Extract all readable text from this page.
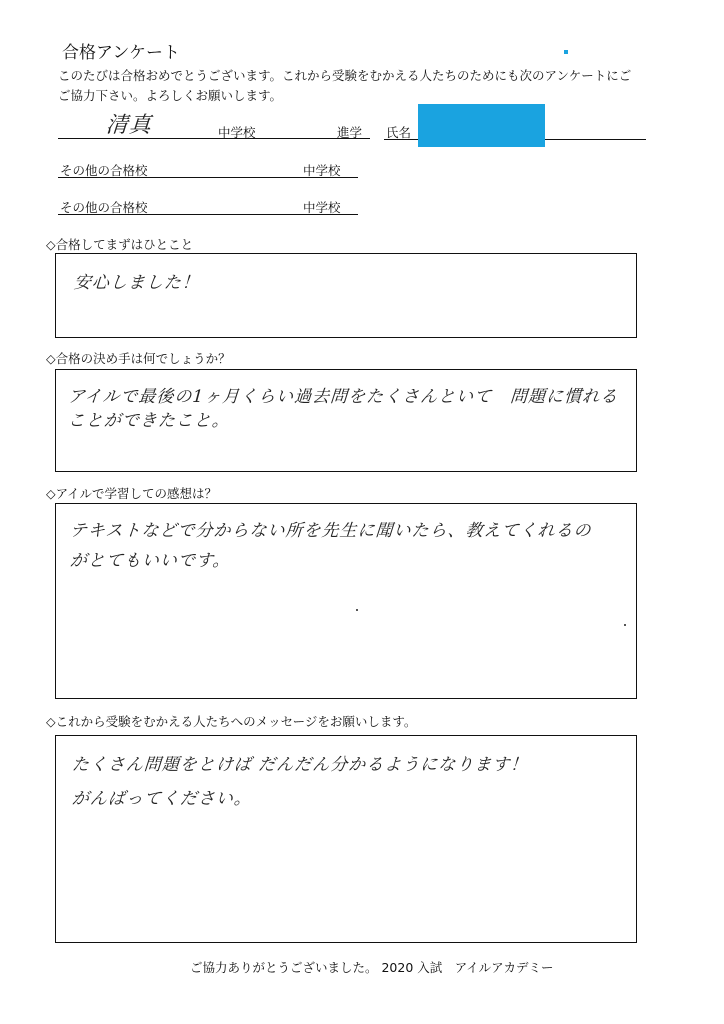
合格アンケート
このたびは合格おめでとうございます。これから受験をむかえる人たちのためにも次のアンケートにご
ご協力下さい。よろしくお願いします。
清真	中学校	進学 氏名
その他の合格校	中学校
その他の合格校	中学校
◇合格してまずはひとこと
安心しました！
◇合格の決め手は何でしょうか？
アイルで最後の1ヶ月くらい過去問をたくさんといて　問題に慣れる
ことができたこと。
◇アイルで学習しての感想は？
テキストなどで分からない所を先生に聞いたら、教えてくれるの
がとてもいいです。
◇これから受験をむかえる人たちへのメッセージをお願いします。
たくさん問題をとけば だんだん分かるようになります！
がんばってください。
ご協力ありがとうございました。 2020 入試　アイルアカデミー
